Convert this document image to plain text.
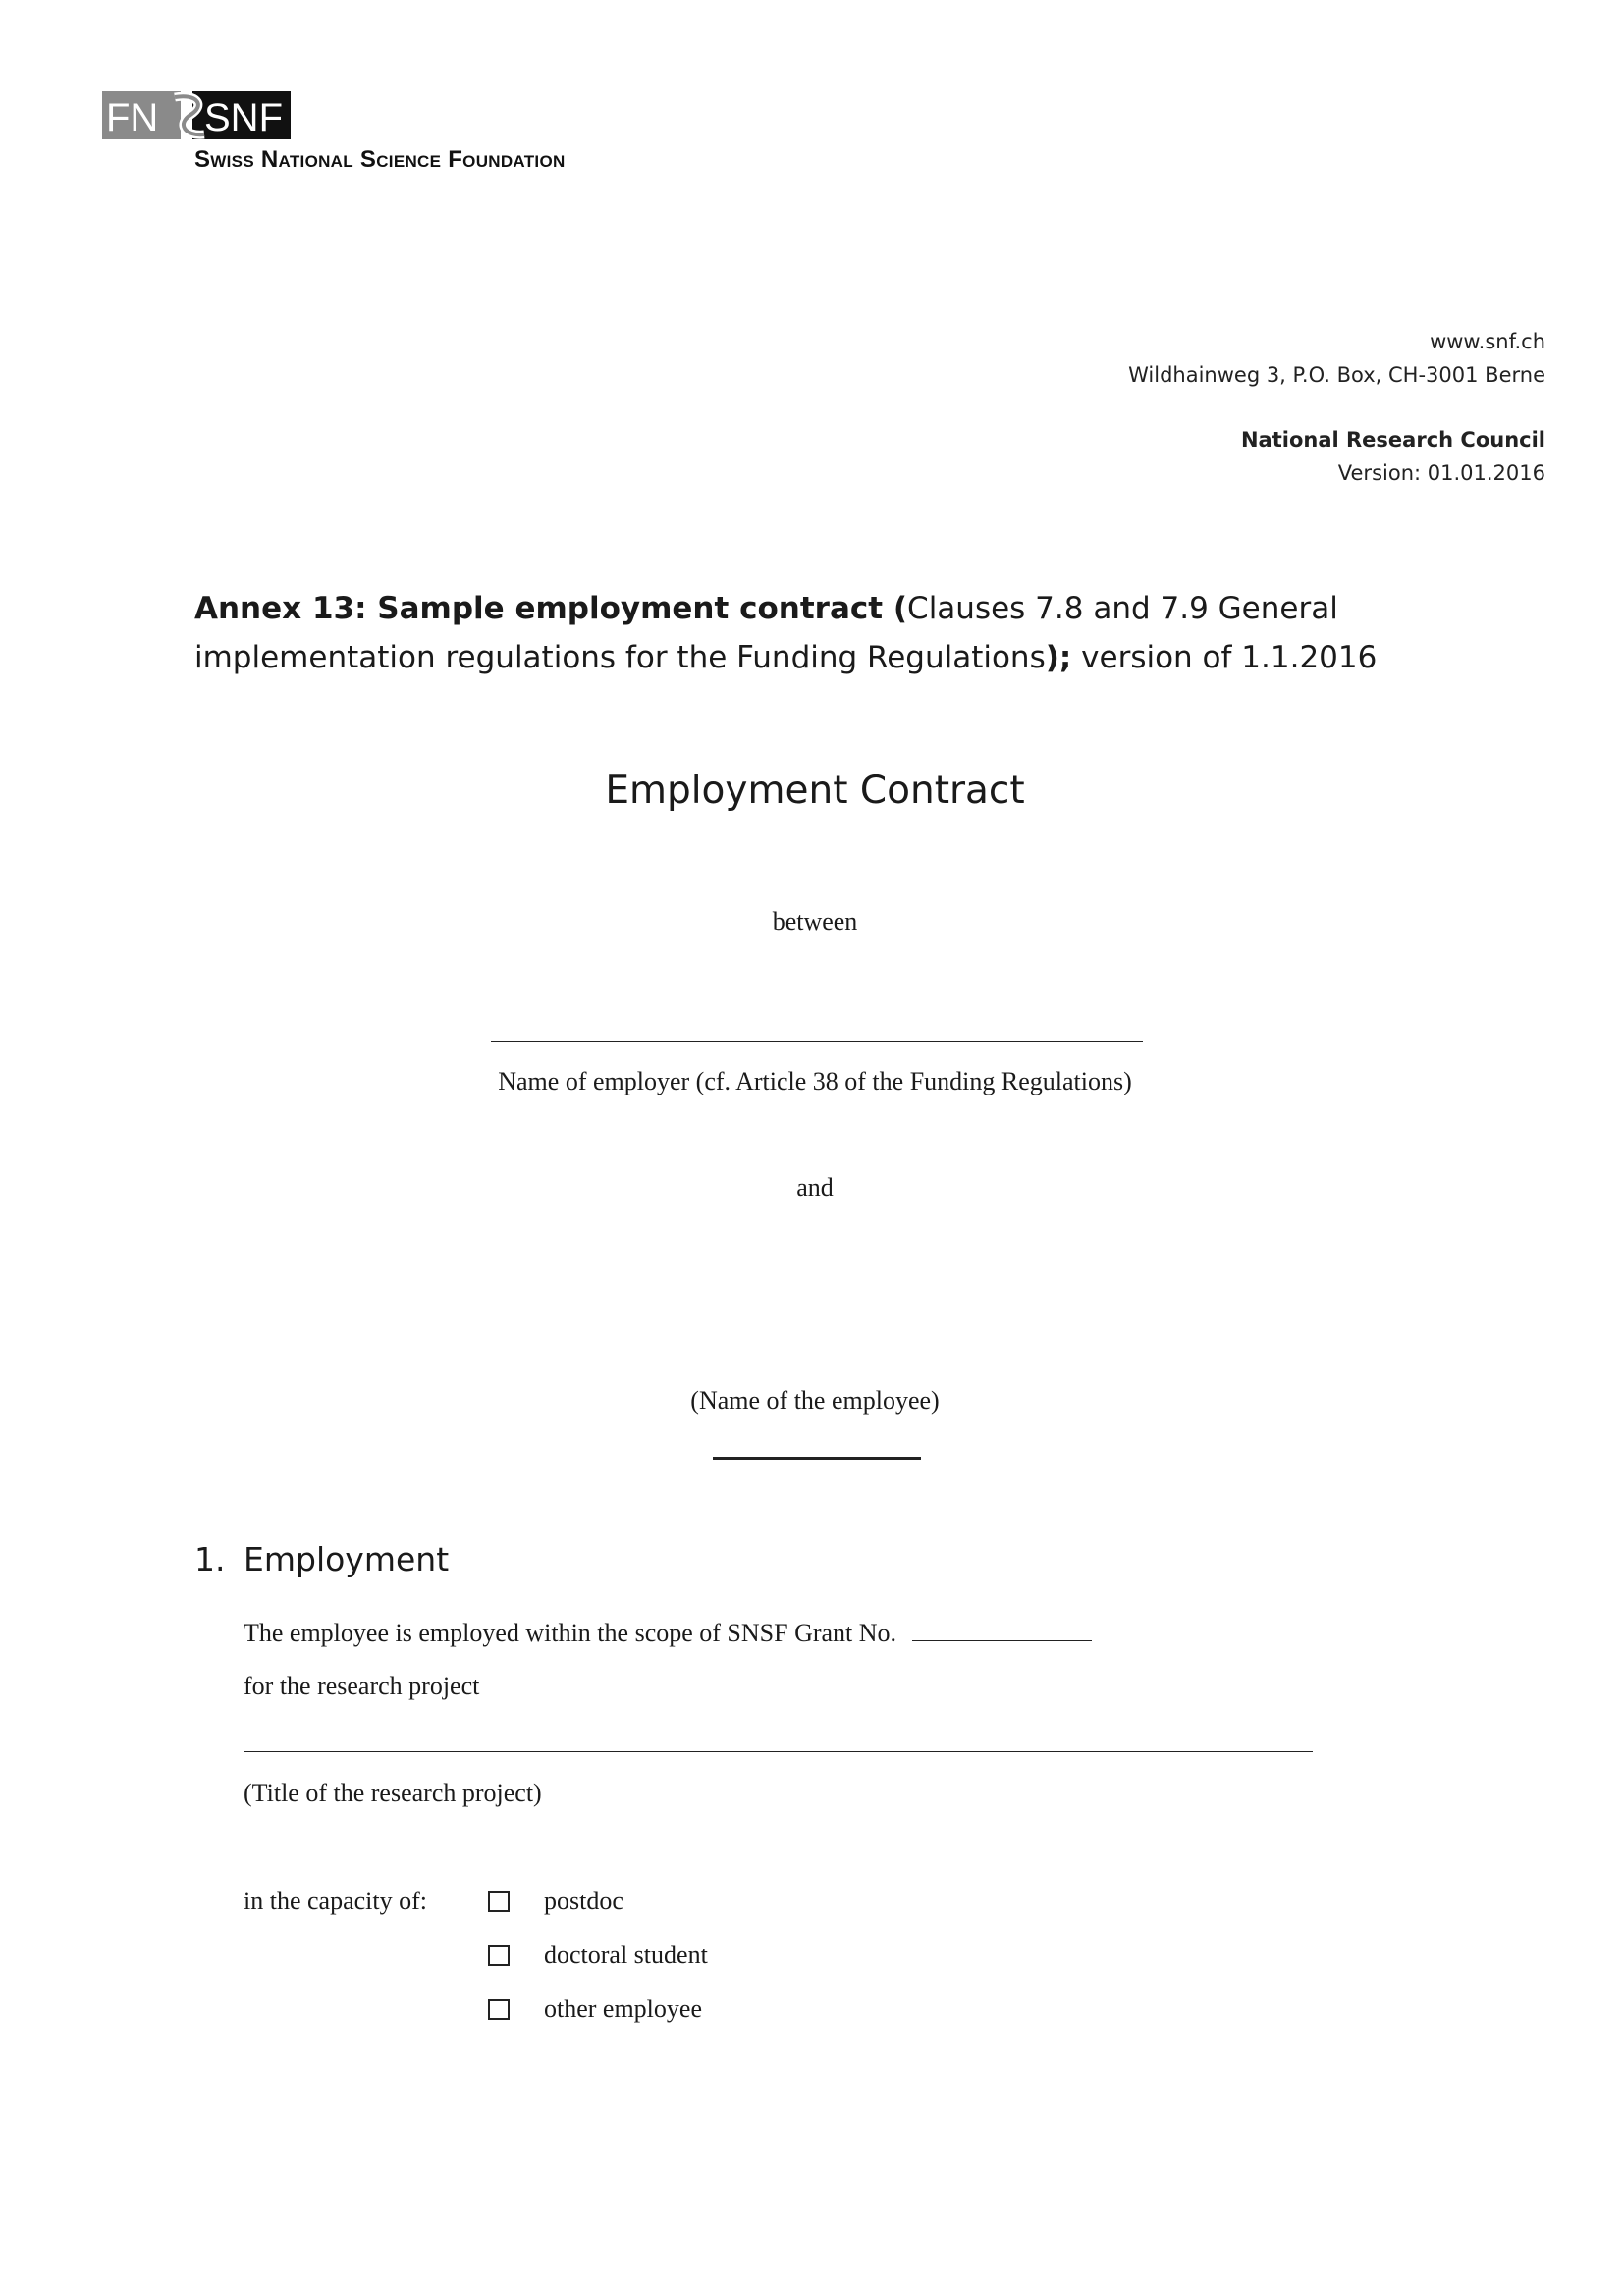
FN SNF
Swiss National Science Foundation
www.snf.ch
Wildhainweg 3, P.O. Box, CH-3001 Berne
National Research Council
Version: 01.01.2016
Annex 13: Sample employment contract (Clauses 7.8 and 7.9 General
implementation regulations for the Funding Regulations); version of 1.1.2016
Employment Contract
between
Name of employer (cf. Article 38 of the Funding Regulations)
and
(Name of the employee)
1. Employment
The employee is employed within the scope of SNSF Grant No.
for the research project
(Title of the research project)
in the capacity of:	postdoc
doctoral student
other employee
